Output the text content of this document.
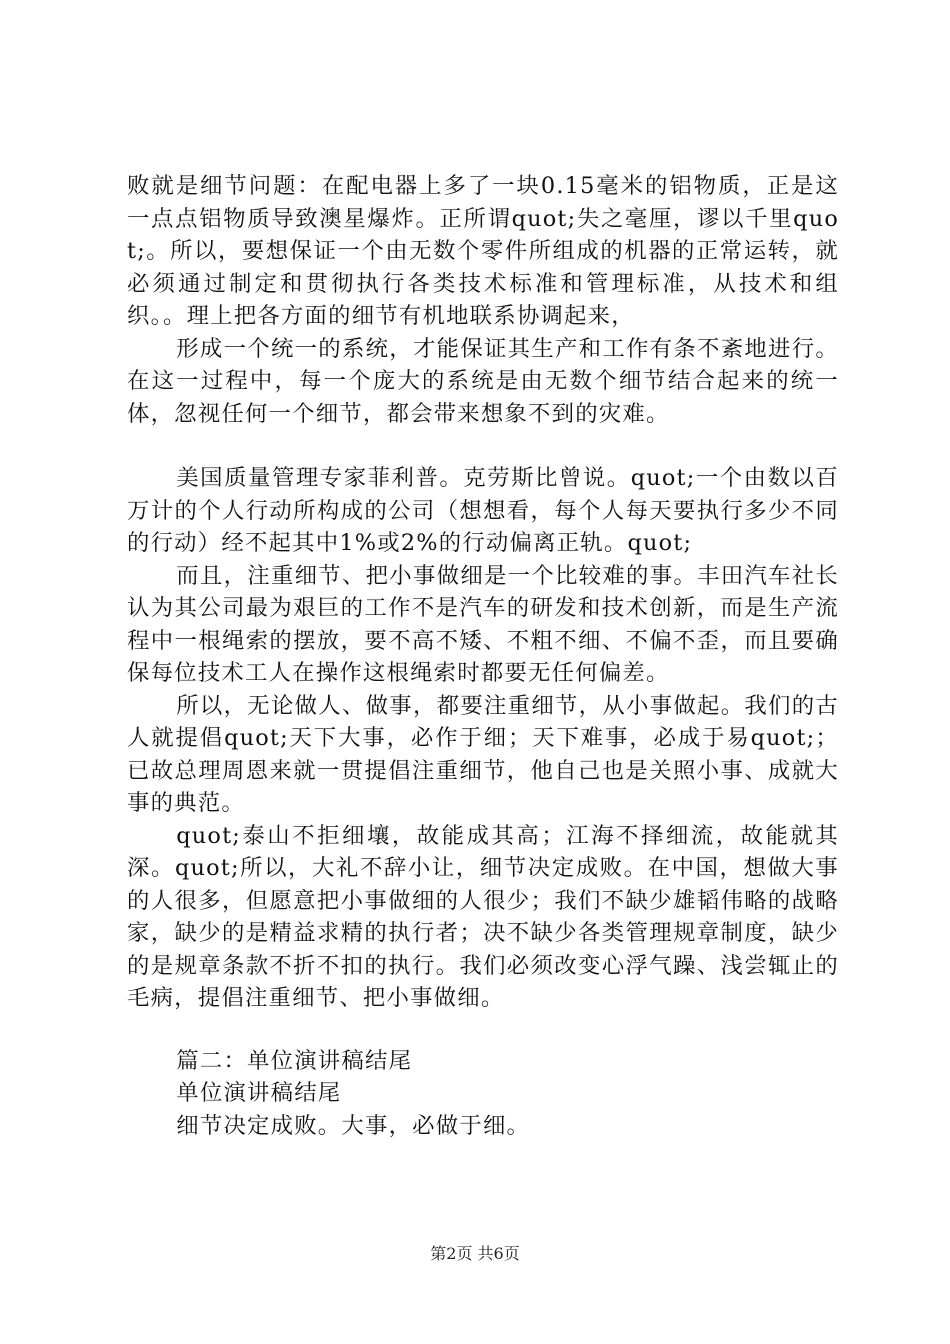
败就是细节问题：在配电器上多了一块0.15毫米的铝物质，正是这一点点铝物质导致澳星爆炸。正所谓quot;失之毫厘，谬以千里quot;。所以，要想保证一个由无数个零件所组成的机器的正常运转，就必须通过制定和贯彻执行各类技术标准和管理标准，从技术和组织。。理上把各方面的细节有机地联系协调起来，

形成一个统一的系统，才能保证其生产和工作有条不紊地进行。在这一过程中，每一个庞大的系统是由无数个细节结合起来的统一体，忽视任何一个细节，都会带来想象不到的灾难。

美国质量管理专家菲利普。克劳斯比曾说。quot;一个由数以百万计的个人行动所构成的公司（想想看，每个人每天要执行多少不同的行动）经不起其中1%或2%的行动偏离正轨。quot;

而且，注重细节、把小事做细是一个比较难的事。丰田汽车社长认为其公司最为艰巨的工作不是汽车的研发和技术创新，而是生产流程中一根绳索的摆放，要不高不矮、不粗不细、不偏不歪，而且要确保每位技术工人在操作这根绳索时都要无任何偏差。

所以，无论做人、做事，都要注重细节，从小事做起。我们的古人就提倡quot;天下大事，必作于细；天下难事，必成于易quot;；已故总理周恩来就一贯提倡注重细节，他自己也是关照小事、成就大事的典范。

quot;泰山不拒细壤，故能成其高；江海不择细流，故能就其深。quot;所以，大礼不辞小让，细节决定成败。在中国，想做大事的人很多，但愿意把小事做细的人很少；我们不缺少雄韬伟略的战略家，缺少的是精益求精的执行者；决不缺少各类管理规章制度，缺少的是规章条款不折不扣的执行。我们必须改变心浮气躁、浅尝辄止的毛病，提倡注重细节、把小事做细。

篇二：单位演讲稿结尾
单位演讲稿结尾
细节决定成败。大事，必做于细。
第2页 共6页
